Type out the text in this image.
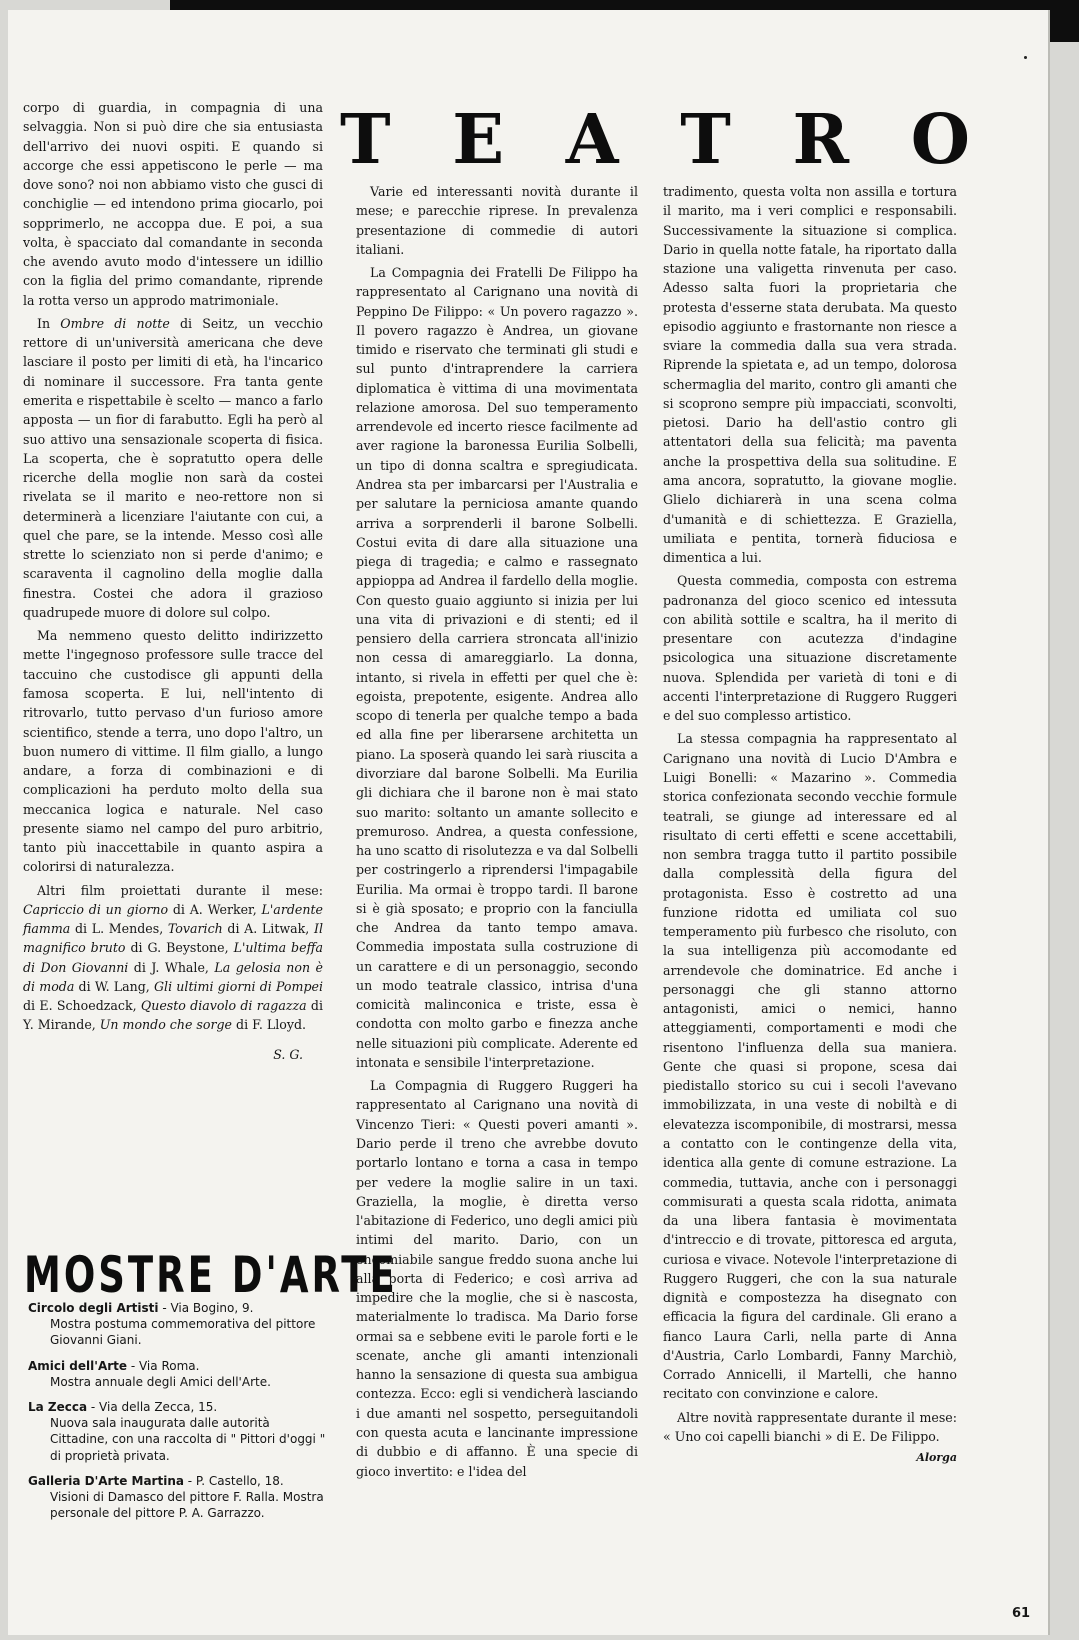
corpo di guardia, in compagnia di una selvaggia. Non si può dire che sia entusiasta dell'arrivo dei nuovi ospiti. E quando si accorge che essi appetiscono le perle — ma dove sono? noi non abbiamo visto che gusci di conchiglie — ed intendono prima giocarlo, poi sopprimerlo, ne accoppa due. E poi, a sua volta, è spacciato dal comandante in seconda che avendo avuto modo d'intessere un idillio con la figlia del primo comandante, riprende la rotta verso un approdo matrimoniale.

In Ombre di notte di Seitz, un vecchio rettore di un'università americana che deve lasciare il posto per limiti di età, ha l'incarico di nominare il successore. Fra tanta gente emerita e rispettabile è scelto — manco a farlo apposta — un fior di farabutto. Egli ha però al suo attivo una sensazionale scoperta di fisica. La scoperta, che è sopratutto opera delle ricerche della moglie non sarà da costei rivelata se il marito e neo-rettore non si determinerà a licenziare l'aiutante con cui, a quel che pare, se la intende. Messo così alle strette lo scienziato non si perde d'animo; e scaraventa il cagnolino della moglie dalla finestra. Costei che adora il grazioso quadrupede muore di dolore sul colpo.

Ma nemmeno questo delitto indirizzetto mette l'ingegnoso professore sulle tracce del taccuino che custodisce gli appunti della famosa scoperta. E lui, nell'intento di ritrovarlo, tutto pervaso d'un furioso amore scientifico, stende a terra, uno dopo l'altro, un buon numero di vittime. Il film giallo, a lungo andare, a forza di combinazioni e di complicazioni ha perduto molto della sua meccanica logica e naturale. Nel caso presente siamo nel campo del puro arbitrio, tanto più inaccettabile in quanto aspira a colorirsi di naturalezza.

Altri film proiettati durante il mese: Capriccio di un giorno di A. Werker, L'ardente fiamma di L. Mendes, Tovarich di A. Litwak, Il magnifico bruto di G. Beystone, L'ultima beffa di Don Giovanni di J. Whale, La gelosia non è di moda di W. Lang, Gli ultimi giorni di Pompei di E. Schoedzack, Questo diavolo di ragazza di Y. Mirande, Un mondo che sorge di F. Lloyd.

S. G.
T E A T R O

Varie ed interessanti novità durante il mese; e parecchie riprese. In prevalenza presentazione di commedie di autori italiani.

La Compagnia dei Fratelli De Filippo ha rappresentato al Carignano una novità di Peppino De Filippo: « Un povero ragazzo ». Il povero ragazzo è Andrea, un giovane timido e riservato che terminati gli studi e sul punto d'intraprendere la carriera diplomatica è vittima di una movimentata relazione amorosa. Del suo temperamento arrendevole ed incerto riesce facilmente ad aver ragione la baronessa Eurilia Solbelli, un tipo di donna scaltra e spregiudicata. Andrea sta per imbarcarsi per l'Australia e per salutare la perniciosa amante quando arriva a sorprenderli il barone Solbelli. Costui evita di dare alla situazione una piega di tragedia; e calmo e rassegnato appioppa ad Andrea il fardello della moglie. Con questo guaio aggiunto si inizia per lui una vita di privazioni e di stenti; ed il pensiero della carriera stroncata all'inizio non cessa di amareggiarlo. La donna, intanto, si rivela in effetti per quel che è: egoista, prepotente, esigente. Andrea allo scopo di tenerla per qualche tempo a bada ed alla fine per liberarsene architetta un piano. La sposerà quando lei sarà riuscita a divorziare dal barone Solbelli. Ma Eurilia gli dichiara che il barone non è mai stato suo marito: soltanto un amante sollecito e premuroso. Andrea, a questa confessione, ha uno scatto di risolutezza e va dal Solbelli per costringerlo a riprendersi l'impagabile Eurilia. Ma ormai è troppo tardi. Il barone si è già sposato; e proprio con la fanciulla che Andrea da tanto tempo amava. Commedia impostata sulla costruzione di un carattere e di un personaggio, secondo un modo teatrale classico, intrisa d'una comicità malinconica e triste, essa è condotta con molto garbo e finezza anche nelle situazioni più complicate. Aderente ed intonata e sensibile l'interpretazione.

La Compagnia di Ruggero Ruggeri ha rappresentato al Carignano una novità di Vincenzo Tieri: « Questi poveri amanti ». Dario perde il treno che avrebbe dovuto portarlo lontano e torna a casa in tempo per vedere la moglie salire in un taxi. Graziella, la moglie, è diretta verso l'abitazione di Federico, uno degli amici più intimi del marito. Dario, con un encomiabile sangue freddo suona anche lui alla porta di Federico; e così arriva ad impedire che la moglie, che si è nascosta, materialmente lo tradisca. Ma Dario forse ormai sa e sebbene eviti le parole forti e le scenate, anche gli amanti intenzionali hanno la sensazione di questa sua ambigua contezza. Ecco: egli si vendicherà lasciando i due amanti nel sospetto, perseguitandoli con questa acuta e lancinante impressione di dubbio e di affanno. È una specie di gioco invertito: e l'idea del

tradimento, questa volta non assilla e tortura il marito, ma i veri complici e responsabili. Successivamente la situazione si complica. Dario in quella notte fatale, ha riportato dalla stazione una valigetta rinvenuta per caso. Adesso salta fuori la proprietaria che protesta d'esserne stata derubata. Ma questo episodio aggiunto e frastornante non riesce a sviare la commedia dalla sua vera strada. Riprende la spietata e, ad un tempo, dolorosa schermaglia del marito, contro gli amanti che si scoprono sempre più impacciati, sconvolti, pietosi. Dario ha dell'astio contro gli attentatori della sua felicità; ma paventa anche la prospettiva della sua solitudine. E ama ancora, sopratutto, la giovane moglie. Glielo dichiarerà in una scena colma d'umanità e di schiettezza. E Graziella, umiliata e pentita, tornerà fiduciosa e dimentica a lui.

Questa commedia, composta con estrema padronanza del gioco scenico ed intessuta con abilità sottile e scaltra, ha il merito di presentare con acutezza d'indagine psicologica una situazione discretamente nuova. Splendida per varietà di toni e di accenti l'interpretazione di Ruggero Ruggeri e del suo complesso artistico.

La stessa compagnia ha rappresentato al Carignano una novità di Lucio D'Ambra e Luigi Bonelli: « Mazarino ». Commedia storica confezionata secondo vecchie formule teatrali, se giunge ad interessare ed al risultato di certi effetti e scene accettabili, non sembra tragga tutto il partito possibile dalla complessità della figura del protagonista. Esso è costretto ad una funzione ridotta ed umiliata col suo temperamento più furbesco che risoluto, con la sua intelligenza più accomodante ed arrendevole che dominatrice. Ed anche i personaggi che gli stanno attorno antagonisti, amici o nemici, hanno atteggiamenti, comportamenti e modi che risentono l'influenza della sua maniera. Gente che quasi si propone, scesa dai piedistallo storico su cui i secoli l'avevano immobilizzata, in una veste di nobiltà e di elevatezza iscomponibile, di mostrarsi, messa a contatto con le contingenze della vita, identica alla gente di comune estrazione. La commedia, tuttavia, anche con i personaggi commisurati a questa scala ridotta, animata da una libera fantasia è movimentata d'intreccio e di trovate, pittoresca ed arguta, curiosa e vivace. Notevole l'interpretazione di Ruggero Ruggeri, che con la sua naturale dignità e compostezza ha disegnato con efficacia la figura del cardinale. Gli erano a fianco Laura Carli, nella parte di Anna d'Austria, Carlo Lombardi, Fanny Marchiò, Corrado Annicelli, il Martelli, che hanno recitato con convinzione e calore.

Altre novità rappresentate durante il mese: « Uno coi capelli bianchi » di E. De Filippo.

Alorga
MOSTRE D'ARTE
Circolo degli Artisti - Via Bogino, 9.
Mostra postuma commemorativa del pittore Giovanni Giani.
Amici dell'Arte - Via Roma.
Mostra annuale degli Amici dell'Arte.
La Zecca - Via della Zecca, 15.
Nuova sala inaugurata dalle autorità Cittadine, con una raccolta di " Pittori d'oggi " di proprietà privata.
Galleria D'Arte Martina - P. Castello, 18.
Visioni di Damasco del pittore F. Ralla. Mostra personale del pittore P. A. Garrazzo.
61
